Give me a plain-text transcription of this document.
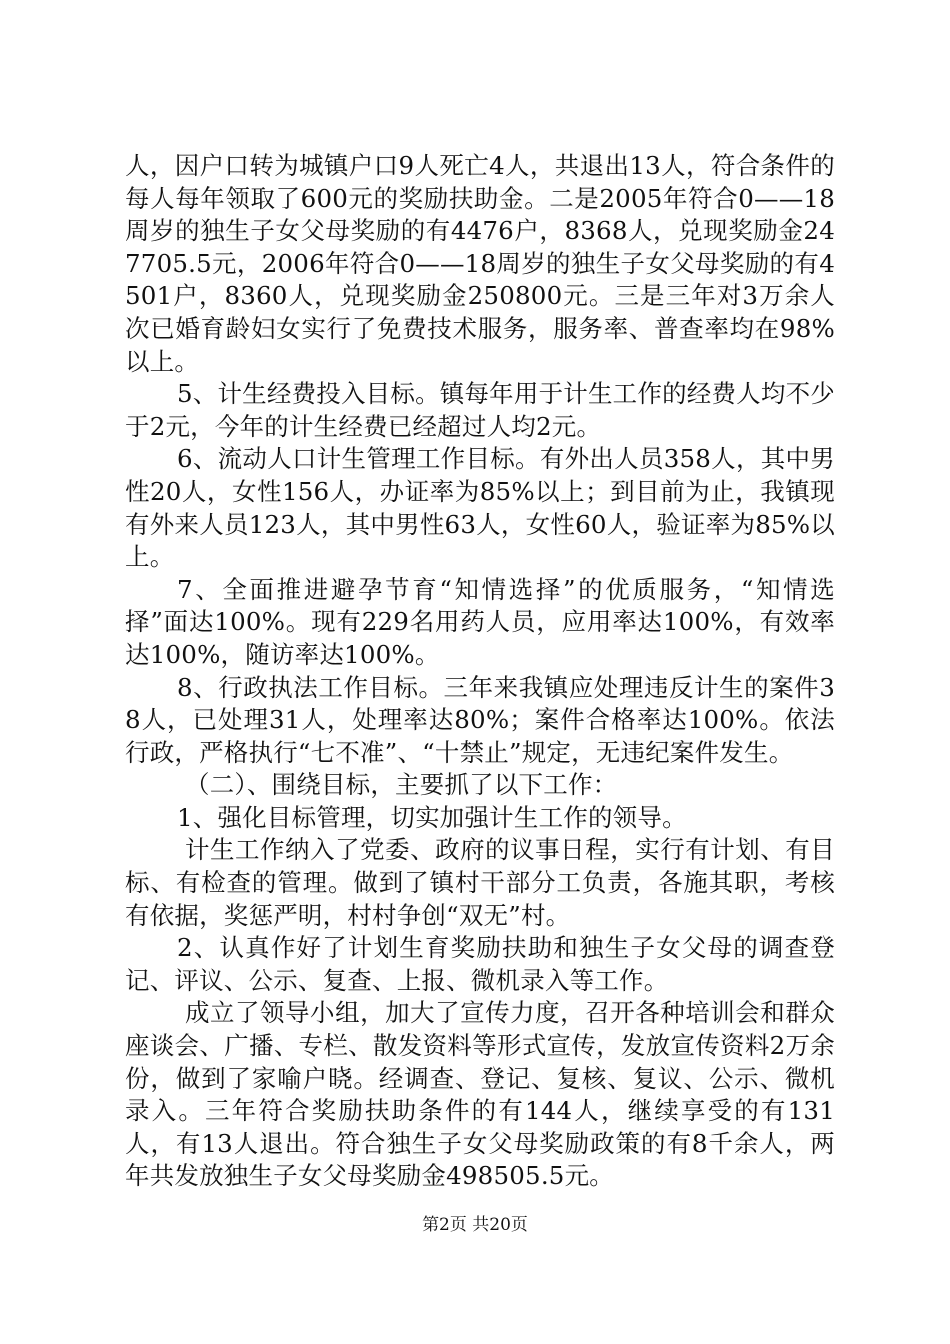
人，因户口转为城镇户口9人死亡4人，共退出13人，符合条件的每人每年领取了600元的奖励扶助金。二是2005年符合0——18周岁的独生子女父母奖励的有4476户，8368人，兑现奖励金247705.5元，2006年符合0——18周岁的独生子女父母奖励的有4501户，8360人，兑现奖励金250800元。三是三年对3万余人次已婚育龄妇女实行了免费技术服务，服务率、普查率均在98%以上。

5、计生经费投入目标。镇每年用于计生工作的经费人均不少于2元，今年的计生经费已经超过人均2元。

6、流动人口计生管理工作目标。有外出人员358人，其中男性20人，女性156人，办证率为85%以上；到目前为止，我镇现有外来人员123人，其中男性63人，女性60人，验证率为85%以上。

7、全面推进避孕节育“知情选择”的优质服务，“知情选择”面达100%。现有229名用药人员，应用率达100%，有效率达100%，随访率达100%。

8、行政执法工作目标。三年来我镇应处理违反计生的案件38人，已处理31人，处理率达80%；案件合格率达100%。依法行政，严格执行“七不准”、“十禁止”规定，无违纪案件发生。

（二）、围绕目标，主要抓了以下工作：

1、强化目标管理，切实加强计生工作的领导。

计生工作纳入了党委、政府的议事日程，实行有计划、有目标、有检查的管理。做到了镇村干部分工负责，各施其职，考核有依据，奖惩严明，村村争创“双无”村。

2、认真作好了计划生育奖励扶助和独生子女父母的调查登记、评议、公示、复查、上报、微机录入等工作。

成立了领导小组，加大了宣传力度，召开各种培训会和群众座谈会、广播、专栏、散发资料等形式宣传，发放宣传资料2万余份，做到了家喻户晓。经调查、登记、复核、复议、公示、微机录入。三年符合奖励扶助条件的有144人，继续享受的有131人，有13人退出。符合独生子女父母奖励政策的有8千余人，两年共发放独生子女父母奖励金498505.5元。

第2页 共20页
